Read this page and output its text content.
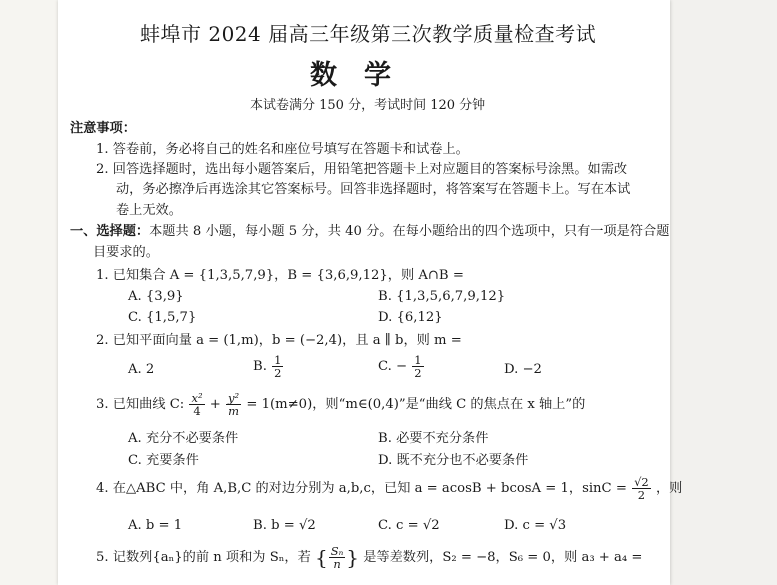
蚌埠市 2024 届高三年级第三次教学质量检查考试
数　学
本试卷满分 150 分，考试时间 120 分钟
注意事项：
1. 答卷前，务必将自己的姓名和座位号填写在答题卡和试卷上。
2. 回答选择题时，选出每小题答案后，用铅笔把答题卡上对应题目的答案标号涂黑。如需改
动，务必擦净后再选涂其它答案标号。回答非选择题时，将答案写在答题卡上。写在本试
卷上无效。
一、选择题：本题共 8 小题，每小题 5 分，共 40 分。在每小题给出的四个选项中，只有一项是符合题
目要求的。
1. 已知集合 A = {1,3,5,7,9}，B = {3,6,9,12}，则 A∩B =
A. {3,9}	B. {1,3,5,6,7,9,12}
C. {1,5,7}	D. {6,12}
2. 已知平面向量 a = (1,m)，b = (−2,4)，且 a ∥ b，则 m =
A. 2	B. $\frac{1}{2}$	C. − $\frac{1}{2}$	D. −2
3. 已知曲线 C: $\frac{\text{x²}}{4} + \frac{\text{y²}}{m} = 1(m\ne 0)$，则“m∈(0,4)”是“曲线 C 的焦点在 x 轴上”的
A. 充分不必要条件	B. 必要不充分条件
C. 充要条件	D. 既不充分也不必要条件
4. 在△ABC 中，角 A,B,C 的对边分别为 a,b,c，已知 a = acosB + bcosA = 1，$\sin C = \frac{√2}{2}$ ，则
A. b = 1	B. b = √2	C. c = √2	D. c = √3
5. 记数列{aₙ}的前 n 项和为 Sₙ，若 { $\frac{\text{Sₙ}}{n}$ } 是等差数列，S₂ = −8，S₆ = 0，则 a₃ + a₄ =
